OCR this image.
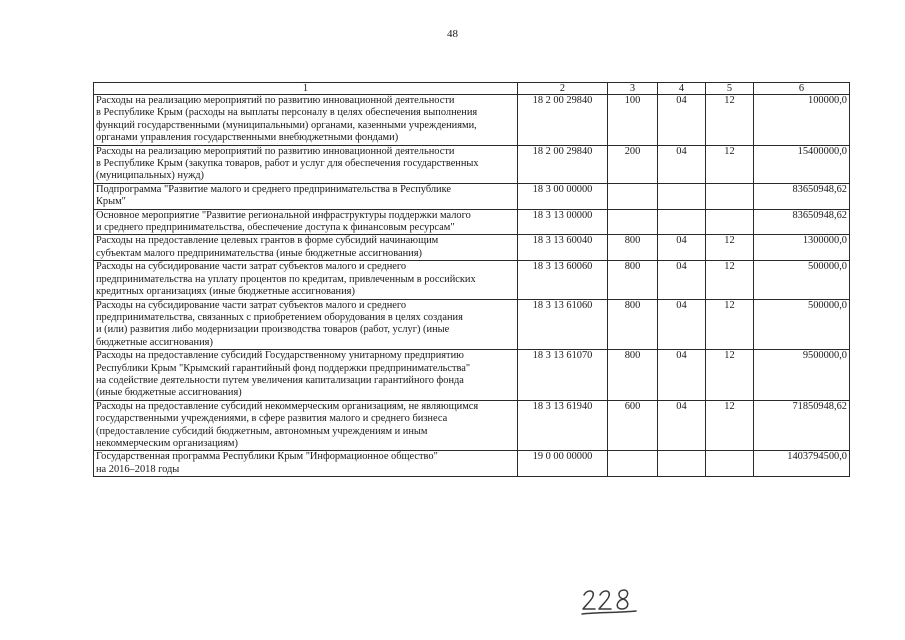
48
1	2	3	4	5	6

Расходы на реализацию мероприятий по развитию инновационной деятельности
в Республике Крым (расходы на выплаты персоналу в целях обеспечения выполнения
функций государственными (муниципальными) органами, казенными учреждениями,
органами управления государственными внебюджетными фондами)	18 2 00 29840	100	04	12	100000,0

Расходы на реализацию мероприятий по развитию инновационной деятельности
в Республике Крым (закупка товаров, работ и услуг для обеспечения государственных
(муниципальных) нужд)	18 2 00 29840	200	04	12	15400000,0

Подпрограмма "Развитие малого и среднего предпринимательства в Республике
Крым"	18 3 00 00000				83650948,62

Основное мероприятие "Развитие региональной инфраструктуры поддержки малого
и среднего предпринимательства, обеспечение доступа к финансовым ресурсам"	18 3 13 00000				83650948,62

Расходы на предоставление целевых грантов в форме субсидий начинающим
субъектам малого предпринимательства (иные бюджетные ассигнования)	18 3 13 60040	800	04	12	1300000,0

Расходы на субсидирование части затрат субъектов малого и среднего
предпринимательства на уплату процентов по кредитам, привлеченным в российских
кредитных организациях (иные бюджетные ассигнования)	18 3 13 60060	800	04	12	500000,0

Расходы на субсидирование части затрат субъектов малого и среднего
предпринимательства, связанных с приобретением оборудования в целях создания
и (или) развития либо модернизации производства товаров (работ, услуг) (иные
бюджетные ассигнования)	18 3 13 61060	800	04	12	500000,0

Расходы на предоставление субсидий Государственному унитарному предприятию
Республики Крым "Крымский гарантийный фонд поддержки предпринимательства"
на содействие деятельности путем увеличения капитализации гарантийного фонда
(иные бюджетные ассигнования)	18 3 13 61070	800	04	12	9500000,0

Расходы на предоставление субсидий некоммерческим организациям, не являющимся
государственными учреждениями, в сфере развития малого и среднего бизнеса
(предоставление субсидий бюджетным, автономным учреждениям и иным
некоммерческим организациям)	18 3 13 61940	600	04	12	71850948,62

Государственная программа Республики Крым "Информационное общество"
на 2016–2018 годы	19 0 00 00000				1403794500,0
